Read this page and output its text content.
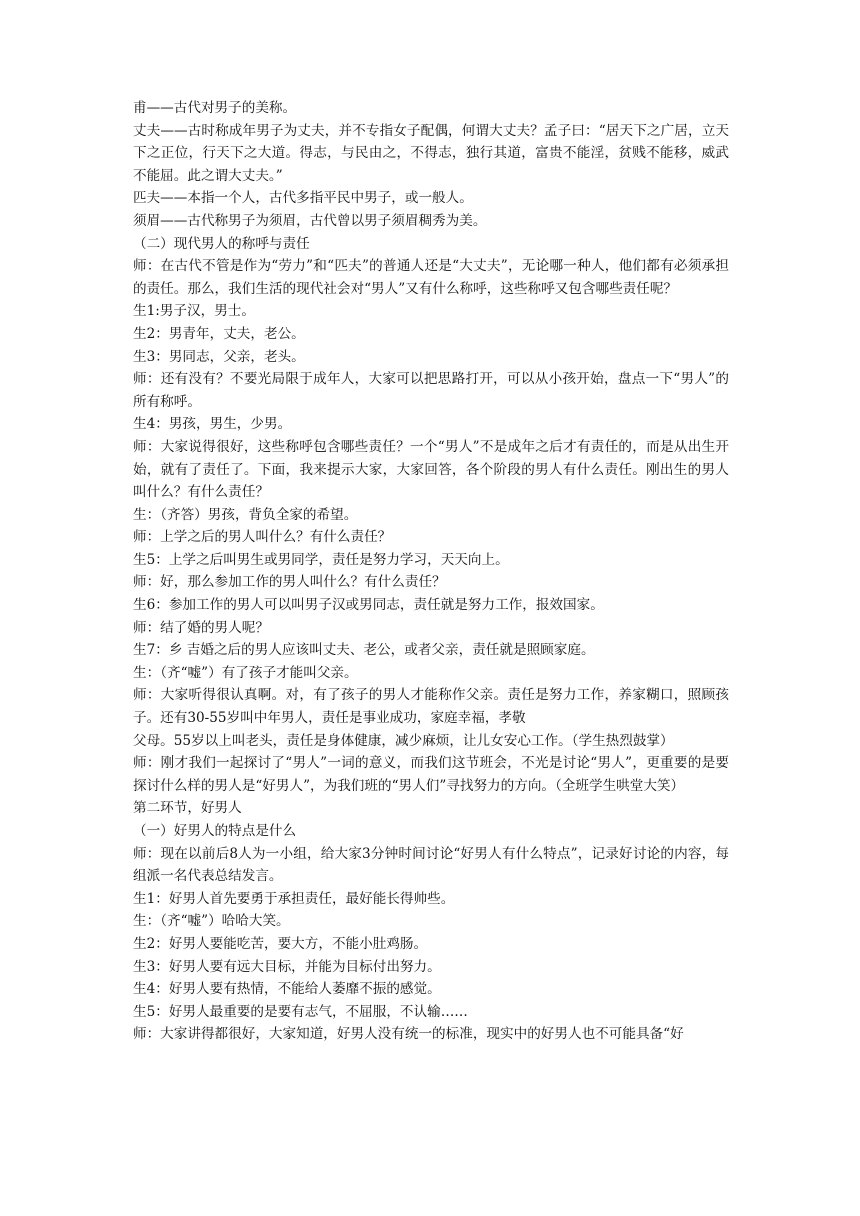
甫——古代对男子的美称。

丈夫——古时称成年男子为丈夫，并不专指女子配偶，何谓大丈夫？孟子曰：“居天下之广居，立天下之正位，行天下之大道。得志，与民由之，不得志，独行其道，富贵不能淫，贫贱不能移，威武不能屈。此之谓大丈夫。”

匹夫——本指一个人，古代多指平民中男子，或一般人。

须眉——古代称男子为须眉，古代曾以男子须眉稠秀为美。

（二）现代男人的称呼与责任

师：在古代不管是作为“劳力”和“匹夫”的普通人还是“大丈夫”，无论哪一种人，他们都有必须承担的责任。那么，我们生活的现代社会对“男人”又有什么称呼，这些称呼又包含哪些责任呢？

生1:男子汉，男士。

生2：男青年，丈夫，老公。

生3：男同志，父亲，老头。

师：还有没有？不要光局限于成年人，大家可以把思路打开，可以从小孩开始，盘点一下“男人”的所有称呼。

生4：男孩，男生，少男。

师：大家说得很好，这些称呼包含哪些责任？一个“男人”不是成年之后才有责任的，而是从出生开始，就有了责任了。下面，我来提示大家，大家回答，各个阶段的男人有什么责任。刚出生的男人叫什么？有什么责任？

生：（齐答）男孩，背负全家的希望。

师：上学之后的男人叫什么？有什么责任？

生5：上学之后叫男生或男同学，责任是努力学习，天天向上。

师：好，那么参加工作的男人叫什么？有什么责任？

生6：参加工作的男人可以叫男子汉或男同志，责任就是努力工作，报效国家。

师：结了婚的男人呢？

生7：乡 吉婚之后的男人应该叫丈夫、老公，或者父亲，责任就是照顾家庭。

生：（齐“嘘”）有了孩子才能叫父亲。

师：大家听得很认真啊。对，有了孩子的男人才能称作父亲。责任是努力工作，养家糊口，照顾孩子。还有30-55岁叫中年男人，责任是事业成功，家庭幸福，孝敬

父母。55岁以上叫老头，责任是身体健康，减少麻烦，让儿女安心工作。（学生热烈鼓掌）

师：刚才我们一起探讨了“男人”一词的意义，而我们这节班会，不光是讨论“男人”，更重要的是要探讨什么样的男人是“好男人”，为我们班的“男人们”寻找努力的方向。（全班学生哄堂大笑）

第二环节，好男人

（一）好男人的特点是什么

师：现在以前后8人为一小组，给大家3分钟时间讨论“好男人有什么特点”，记录好讨论的内容，每组派一名代表总结发言。

生1：好男人首先要勇于承担责任，最好能长得帅些。

生：（齐“嘘”）哈哈大笑。

生2：好男人要能吃苦，要大方，不能小肚鸡肠。

生3：好男人要有远大目标，并能为目标付出努力。

生4：好男人要有热情，不能给人萎靡不振的感觉。

生5：好男人最重要的是要有志气，不屈服，不认输……

师：大家讲得都很好，大家知道，好男人没有统一的标准，现实中的好男人也不可能具备“好
